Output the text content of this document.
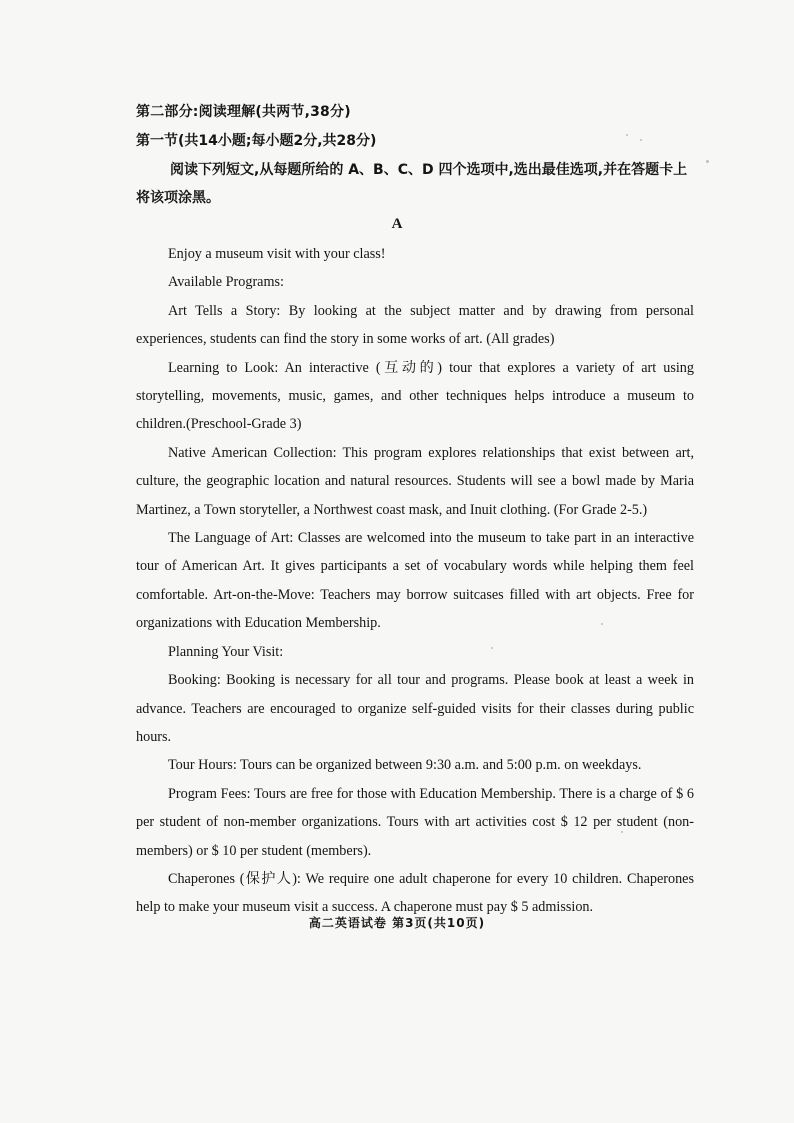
第二部分:阅读理解(共两节,38分)
第一节(共14小题;每小题2分,共28分)
阅读下列短文,从每题所给的 A、B、C、D 四个选项中,选出最佳选项,并在答题卡上将该项涂黑。
A

Enjoy a museum visit with your class!

Available Programs:

Art Tells a Story: By looking at the subject matter and by drawing from personal experiences, students can find the story in some works of art. (All grades)

Learning to Look: An interactive (互动的) tour that explores a variety of art using storytelling, movements, music, games, and other techniques helps introduce a museum to children.(Preschool-Grade 3)

Native American Collection: This program explores relationships that exist between art, culture, the geographic location and natural resources. Students will see a bowl made by Maria Martinez, a Town storyteller, a Northwest coast mask, and Inuit clothing. (For Grade 2-5.)

The Language of Art: Classes are welcomed into the museum to take part in an interactive tour of American Art. It gives participants a set of vocabulary words while helping them feel comfortable. Art-on-the-Move: Teachers may borrow suitcases filled with art objects. Free for organizations with Education Membership.

Planning Your Visit:

Booking: Booking is necessary for all tour and programs. Please book at least a week in advance. Teachers are encouraged to organize self-guided visits for their classes during public hours.

Tour Hours: Tours can be organized between 9:30 a.m. and 5:00 p.m. on weekdays.

Program Fees: Tours are free for those with Education Membership. There is a charge of $ 6 per student of non-member organizations. Tours with art activities cost $ 12 per student (non-members) or $ 10 per student (members).

Chaperones (保护人): We require one adult chaperone for every 10 children. Chaperones help to make your museum visit a success. A chaperone must pay $ 5 admission.

高二英语试卷 第3页(共10页)
